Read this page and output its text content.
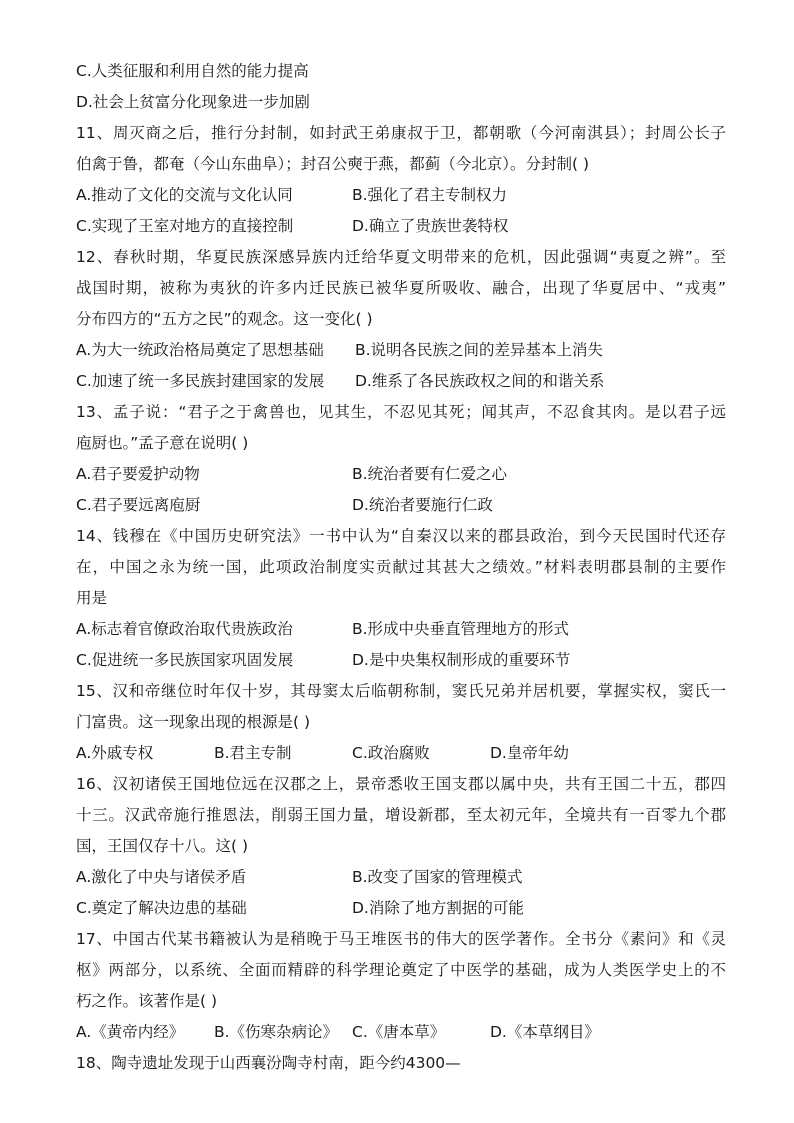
C.人类征服和利用自然的能力提高
D.社会上贫富分化现象进一步加剧
11、周灭商之后，推行分封制，如封武王弟康叔于卫，都朝歌（今河南淇县）；封周公长子
伯禽于鲁，都奄（今山东曲阜）；封召公奭于燕，都蓟（今北京）。分封制( )
A.推动了文化的交流与文化认同	B.强化了君主专制权力
C.实现了王室对地方的直接控制	D.确立了贵族世袭特权
12、春秋时期，华夏民族深感异族内迁给华夏文明带来的危机，因此强调“夷夏之辨”。至
战国时期，被称为夷狄的许多内迁民族已被华夏所吸收、融合，出现了华夏居中、“戎夷”
分布四方的“五方之民”的观念。这一变化( )
A.为大一统政治格局奠定了思想基础 B.说明各民族之间的差异基本上消失
C.加速了统一多民族封建国家的发展 D.维系了各民族政权之间的和谐关系
13、孟子说：“君子之于禽兽也，见其生，不忍见其死；闻其声，不忍食其肉。是以君子远
庖厨也。”孟子意在说明( )
A.君子要爱护动物	B.统治者要有仁爱之心
C.君子要远离庖厨	D.统治者要施行仁政
14、钱穆在《中国历史研究法》一书中认为“自秦汉以来的郡县政治，到今天民国时代还存
在，中国之永为统一国，此项政治制度实贡献过其甚大之绩效。”材料表明郡县制的主要作
用是
A.标志着官僚政治取代贵族政治	B.形成中央垂直管理地方的形式
C.促进统一多民族国家巩固发展	D.是中央集权制形成的重要环节
15、汉和帝继位时年仅十岁，其母窦太后临朝称制，窦氏兄弟并居机要，掌握实权，窦氏一
门富贵。这一现象出现的根源是( )
A.外戚专权	B.君主专制	C.政治腐败	D.皇帝年幼
16、汉初诸侯王国地位远在汉郡之上，景帝悉收王国支郡以属中央，共有王国二十五，郡四
十三。汉武帝施行推恩法，削弱王国力量，增设新郡，至太初元年，全境共有一百零九个郡
国，王国仅存十八。这( )
A.激化了中央与诸侯矛盾	B.改变了国家的管理模式
C.奠定了解决边患的基础	D.消除了地方割据的可能
17、中国古代某书籍被认为是稍晚于马王堆医书的伟大的医学著作。全书分《素问》和《灵
枢》两部分，以系统、全面而精辟的科学理论奠定了中医学的基础，成为人类医学史上的不
朽之作。该著作是( )
A.《黄帝内经》 B.《伤寒杂病论》 C.《唐本草》	D.《本草纲目》
18、陶寺遗址发现于山西襄汾陶寺村南，距今约4300—
